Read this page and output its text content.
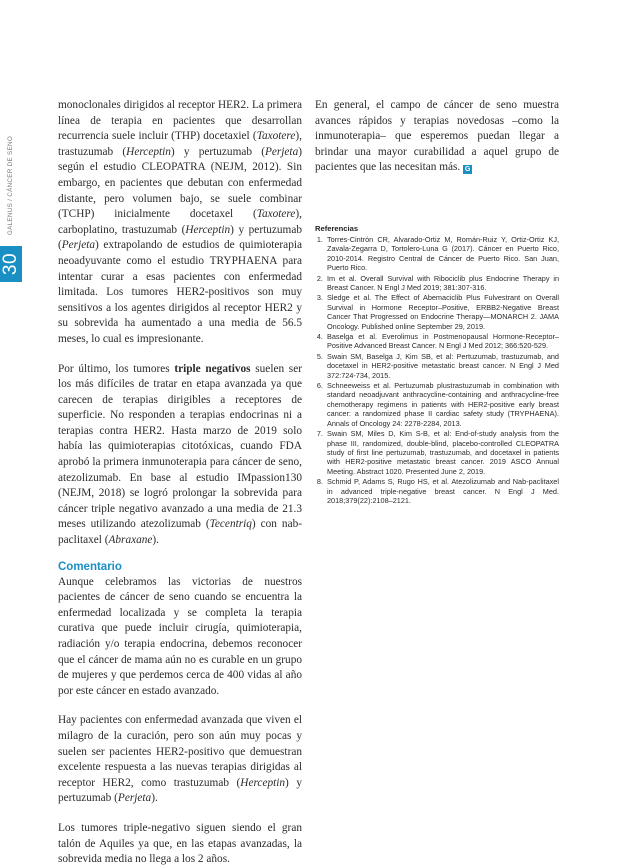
GALENUS / CÁNCER DE SENO
30

monoclonales dirigidos al receptor HER2. La primera línea de terapia en pacientes que desarrollan recurrencia suele incluir (THP) docetaxiel (Taxotere), trastuzumab (Herceptin) y pertuzumab (Perjeta) según el estudio CLEOPATRA (NEJM, 2012). Sin embargo, en pacientes que debutan con enfermedad distante, pero volumen bajo, se suele combinar (TCHP) inicialmente docetaxel (Taxotere), carboplatino, trastuzumab (Herceptin) y pertuzumab (Perjeta) extrapolando de estudios de quimioterapia neoadyuvante como el estudio TRYPHAENA para intentar curar a esas pacientes con enfermedad limitada. Los tumores HER2-positivos son muy sensitivos a los agentes dirigidos al receptor HER2 y su sobrevida ha aumentado a una media de 56.5 meses, lo cual es impresionante.

Por último, los tumores triple negativos suelen ser los más difíciles de tratar en etapa avanzada ya que carecen de terapias dirigibles a receptores de superficie. No responden a terapias endocrinas ni a terapias contra HER2. Hasta marzo de 2019 solo había las quimioterapias citotóxicas, cuando FDA aprobó la primera inmunoterapia para cáncer de seno, atezolizumab. En base al estudio IMpassion130 (NEJM, 2018) se logró prolongar la sobrevida para cáncer triple negativo avanzado a una media de 21.3 meses utilizando atezolizumab (Tecentriq) con nab-paclitaxel (Abraxane).

Comentario

Aunque celebramos las victorias de nuestros pacientes de cáncer de seno cuando se encuentra la enfermedad localizada y se completa la terapia curativa que puede incluir cirugía, quimioterapia, radiación y/o terapia endocrina, debemos reconocer que el cáncer de mama aún no es curable en un grupo de mujeres y que perdemos cerca de 400 vidas al año por este cáncer en estado avanzado.

Hay pacientes con enfermedad avanzada que viven el milagro de la curación, pero son aún muy pocas y suelen ser pacientes HER2-positivo que demuestran excelente respuesta a las nuevas terapias dirigidas al receptor HER2, como trastuzumab (Herceptin) y pertuzumab (Perjeta).

Los tumores triple-negativo siguen siendo el gran talón de Aquiles ya que, en las etapas avanzadas, la sobrevida media no llega a los 2 años.

En general, el campo de cáncer de seno muestra avances rápidos y terapias novedosas –como la inmunoterapia– que esperemos puedan llegar a brindar una mayor curabilidad a aquel grupo de pacientes que las necesitan más. G

Referencias
1. Torres-Cintrón CR, Alvarado-Ortiz M, Román-Ruiz Y, Ortiz-Ortiz KJ, Zavala-Zegarra D, Tortolero-Luna G (2017). Cáncer en Puerto Rico, 2010-2014. Registro Central de Cáncer de Puerto Rico. San Juan, Puerto Rico.
2. Im et al. Overall Survival with Ribociclib plus Endocrine Therapy in Breast Cancer. N Engl J Med 2019; 381:307-316.
3. Sledge et al. The Effect of Abemaciclib Plus Fulvestrant on Overall Survival in Hormone Receptor–Positive, ERBB2-Negative Breast Cancer That Progressed on Endocrine Therapy—MONARCH 2. JAMA Oncology. Published online September 29, 2019.
4. Baselga et al. Everolimus in Postmenopausal Hormone-Receptor–Positive Advanced Breast Cancer. N Engl J Med 2012; 366:520-529.
5. Swain SM, Baselga J, Kim SB, et al: Pertuzumab, trastuzumab, and docetaxel in HER2-positive metastatic breast cancer. N Engl J Med 372:724-734, 2015.
6. Schneeweiss et al. Pertuzumab plustrastuzumab in combination with standard neoadjuvant anthracycline-containing and anthracycline-free chemotherapy regimens in patients with HER2-positive early breast cancer: a randomized phase II cardiac safety study (TRYPHAENA). Annals of Oncology 24: 2278-2284, 2013.
7. Swain SM, Miles D, Kim S-B, et al: End-of-study analysis from the phase III, randomized, double-blind, placebo-controlled CLEOPATRA study of first line pertuzumab, trastuzumab, and docetaxel in patients with HER2-positive metastatic breast cancer. 2019 ASCO Annual Meeting. Abstract 1020. Presented June 2, 2019.
8. Schmid P, Adams S, Rugo HS, et al. Atezolizumab and Nab-paclitaxel in advanced triple-negative breast cancer. N Engl J Med. 2018;379(22):2108–2121.
